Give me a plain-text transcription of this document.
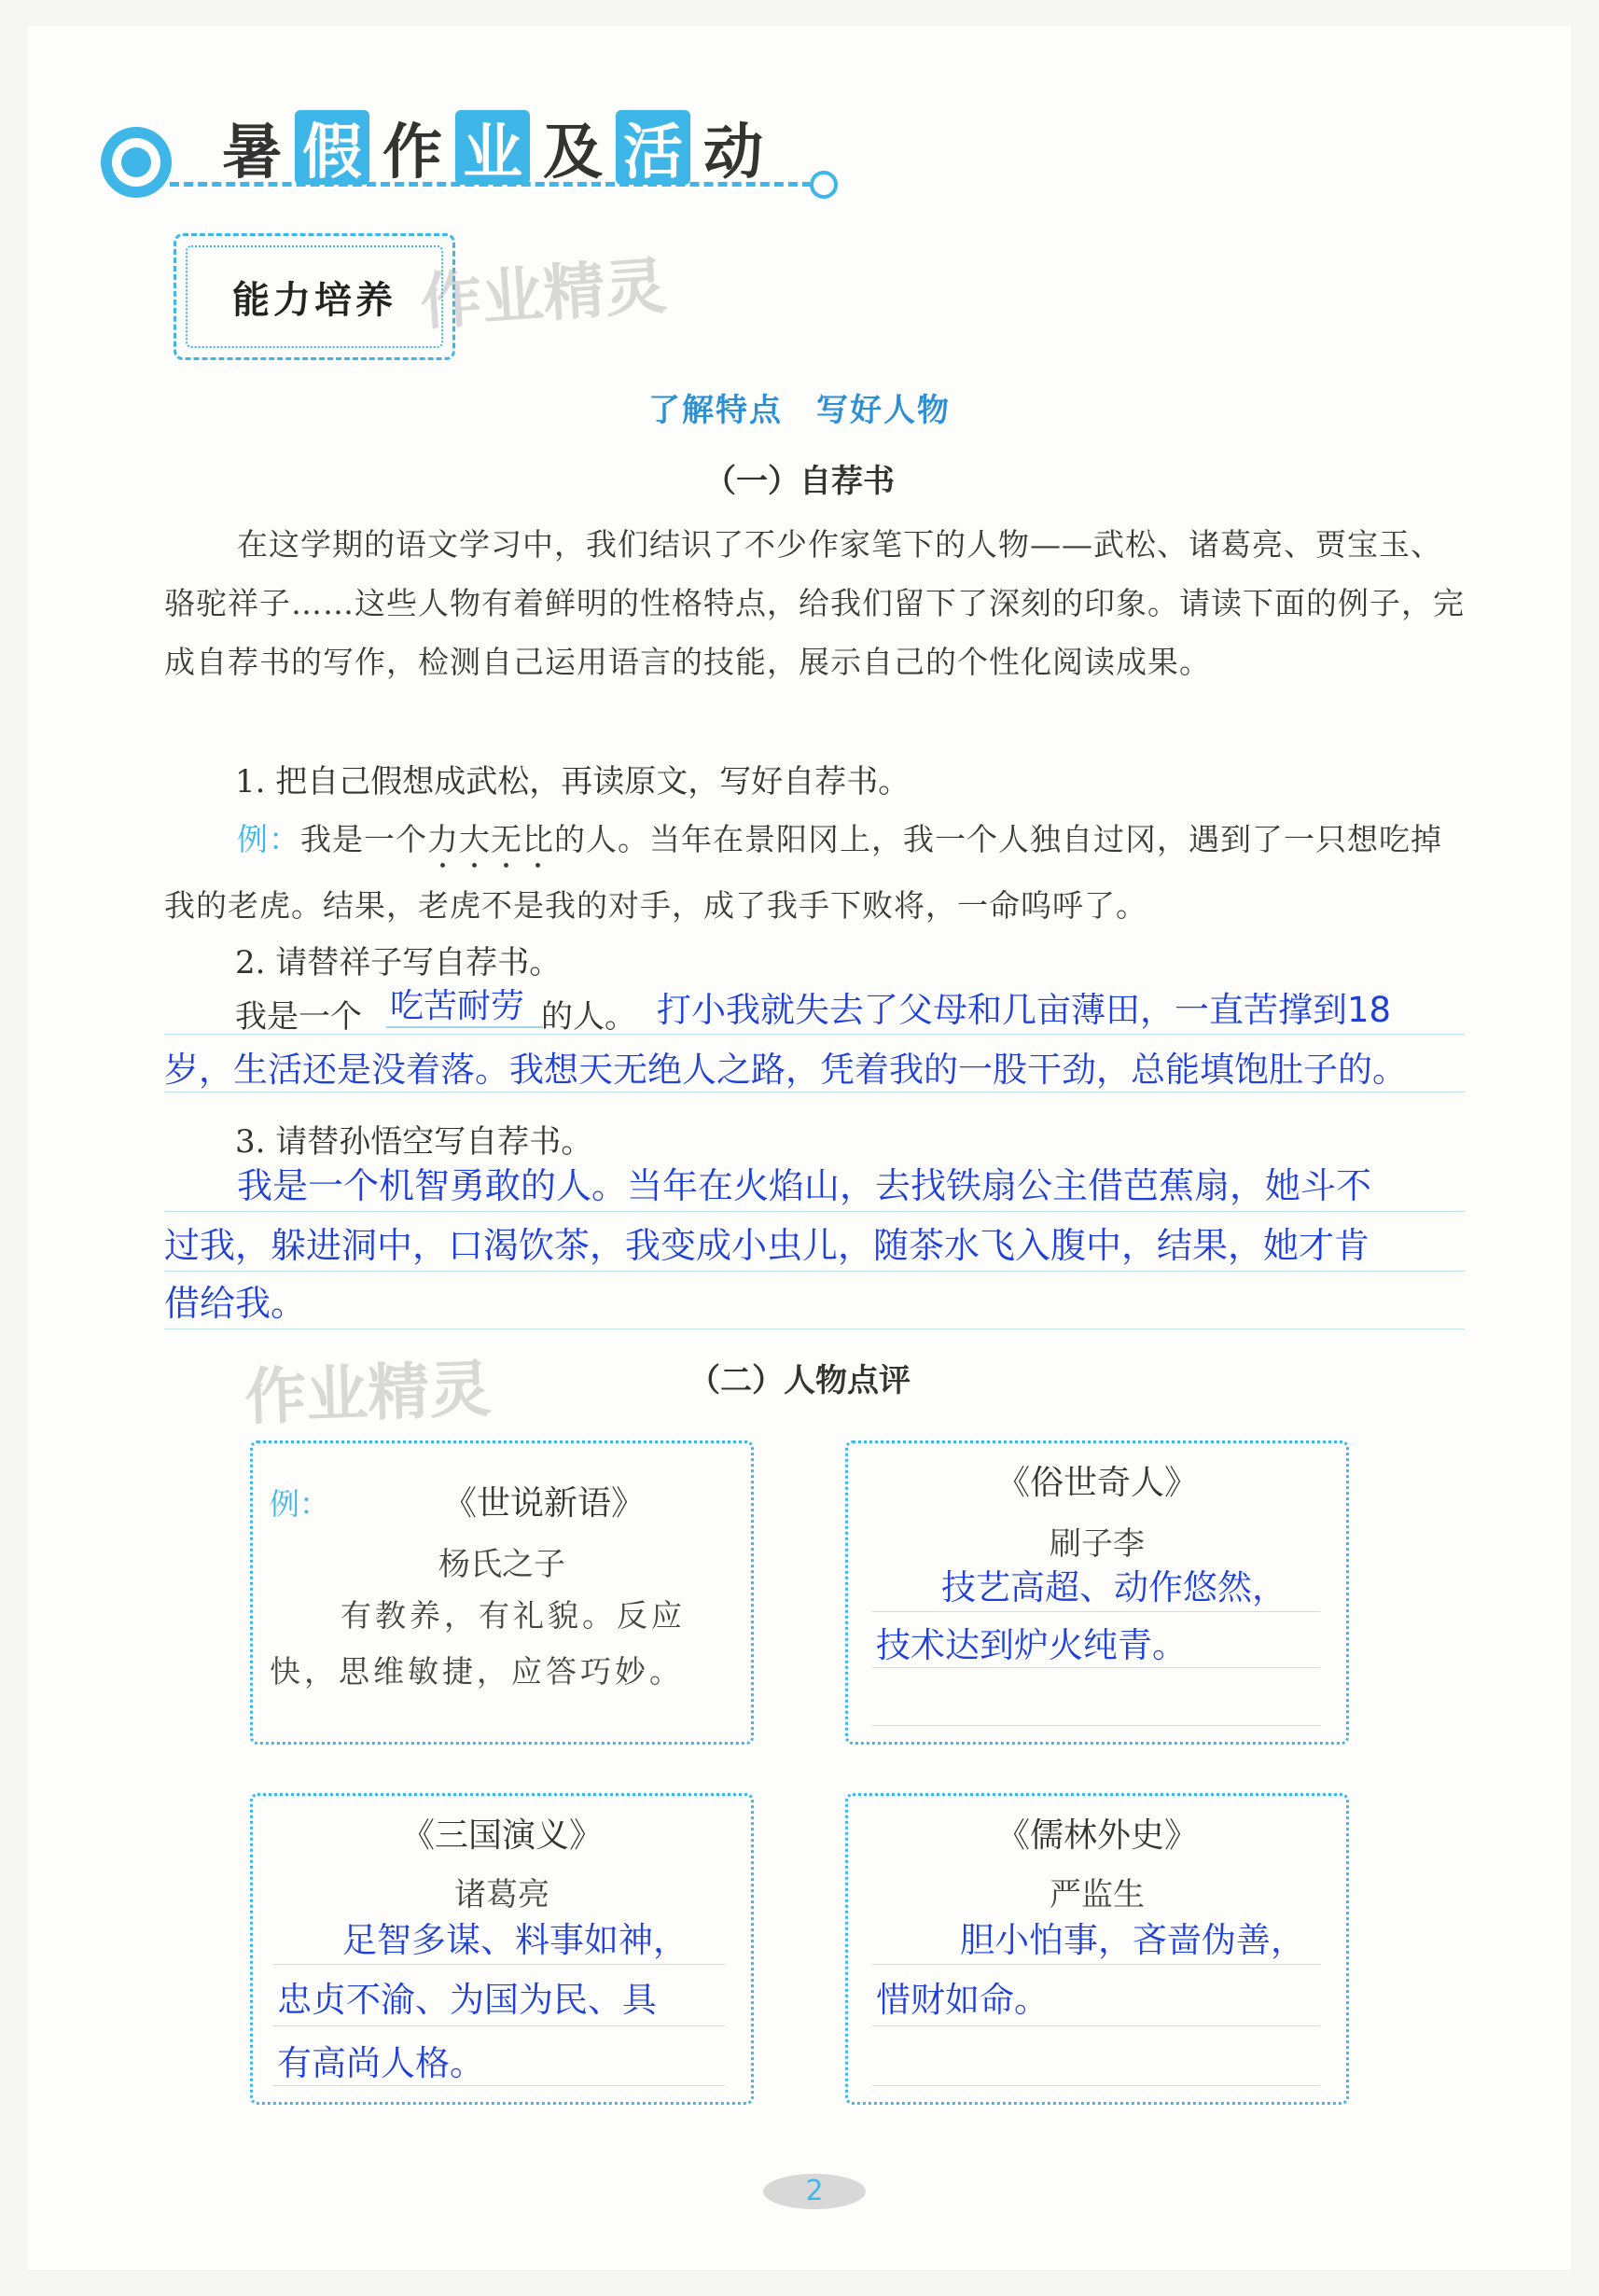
暑 假 作 业 及 活 动
能力培养 作业精灵
了解特点　写好人物
（一）自荐书
在这学期的语文学习中，我们结识了不少作家笔下的人物——武松、诸葛亮、贾宝玉、骆驼祥子……这些人物有着鲜明的性格特点，给我们留下了深刻的印象。请读下面的例子，完成自荐书的写作，检测自己运用语言的技能，展示自己的个性化阅读成果。
1. 把自己假想成武松，再读原文，写好自荐书。
例：我是一个力大无比的人。当年在景阳冈上，我一个人独自过冈，遇到了一只想吃掉我的老虎。结果，老虎不是我的对手，成了我手下败将，一命呜呼了。
2. 请替祥子写自荐书。
我是一个 吃苦耐劳 的人。 打小我就失去了父母和几亩薄田，一直苦撑到18
岁，生活还是没着落。我想天无绝人之路，凭着我的一股干劲，总能填饱肚子的。
3. 请替孙悟空写自荐书。
我是一个机智勇敢的人。当年在火焰山，去找铁扇公主借芭蕉扇，她斗不
过我，躲进洞中，口渴饮茶，我变成小虫儿，随茶水飞入腹中，结果，她才肯
借给我。
作业精灵	（二）人物点评
例：	《世说新语》
杨氏之子
有教养，有礼貌。反应
快，思维敏捷，应答巧妙。
《俗世奇人》
刷子李
技艺高超、动作悠然，
技术达到炉火纯青。
《三国演义》
诸葛亮
足智多谋、料事如神，
忠贞不渝、为国为民、具
有高尚人格。
《儒林外史》
严监生
胆小怕事，吝啬伪善，
惜财如命。
2
